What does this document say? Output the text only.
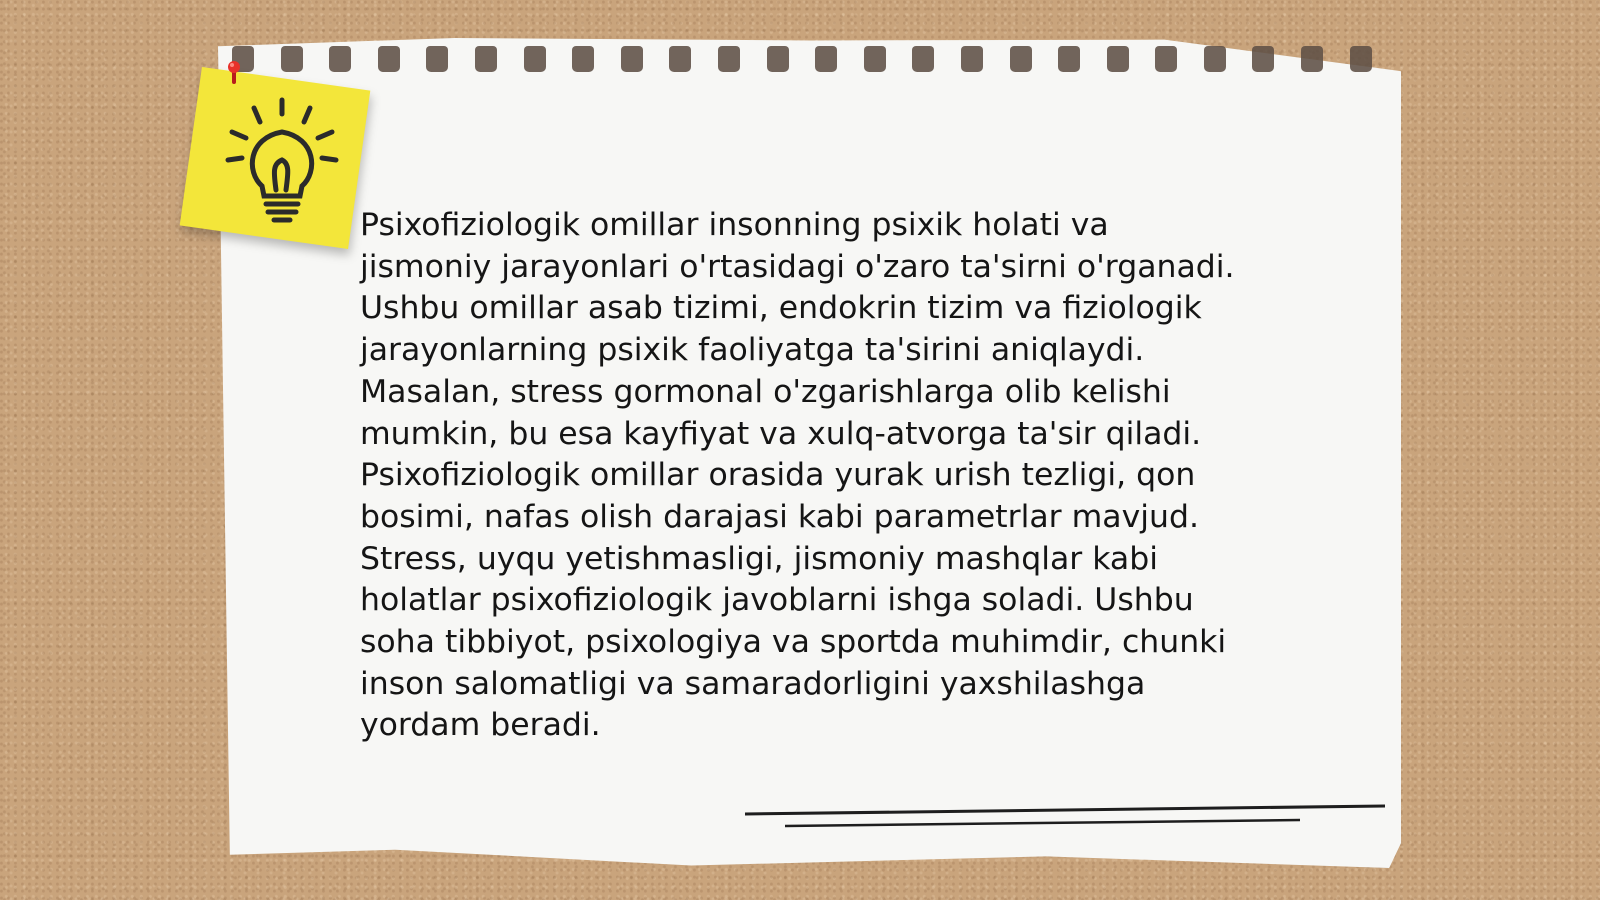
Psixofiziologik omillar insonning psixik holati va jismoniy jarayonlari o'rtasidagi o'zaro ta'sirni o'rganadi. Ushbu omillar asab tizimi, endokrin tizim va fiziologik jarayonlarning psixik faoliyatga ta'sirini aniqlaydi. Masalan, stress gormonal o'zgarishlarga olib kelishi mumkin, bu esa kayfiyat va xulq-atvorga ta'sir qiladi. Psixofiziologik omillar orasida yurak urish tezligi, qon bosimi, nafas olish darajasi kabi parametrlar mavjud. Stress, uyqu yetishmasligi, jismoniy mashqlar kabi holatlar psixofiziologik javoblarni ishga soladi. Ushbu soha tibbiyot, psixologiya va sportda muhimdir, chunki inson salomatligi va samaradorligini yaxshilashga yordam beradi.
